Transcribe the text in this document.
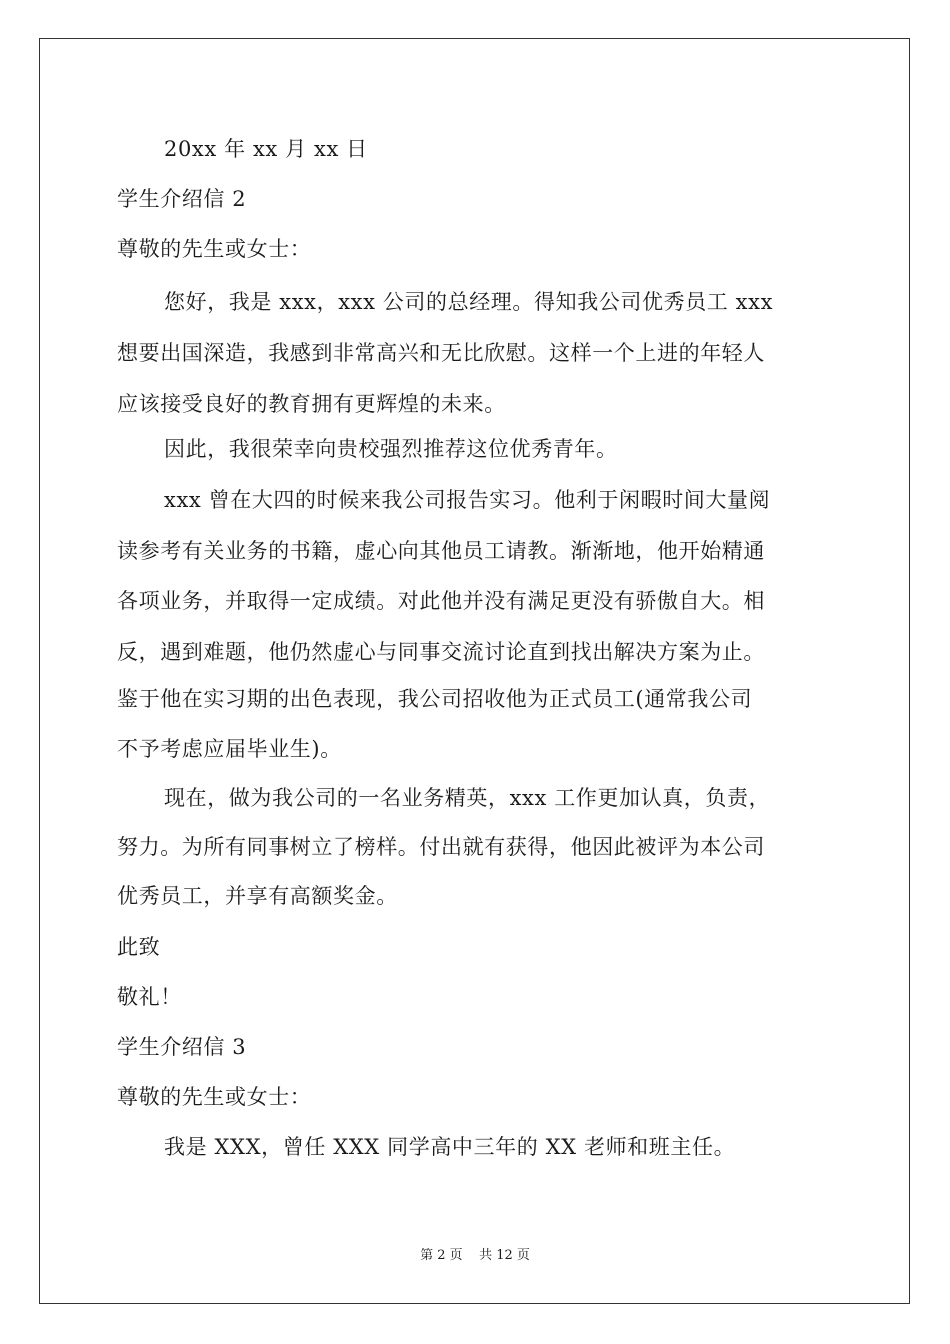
20xx 年 xx 月 xx 日
学生介绍信 2
尊敬的先生或女士：
您好，我是 xxx，xxx 公司的总经理。得知我公司优秀员工 xxx
想要出国深造，我感到非常高兴和无比欣慰。这样一个上进的年轻人
应该接受良好的教育拥有更辉煌的未来。
因此，我很荣幸向贵校强烈推荐这位优秀青年。
xxx 曾在大四的时候来我公司报告实习。他利于闲暇时间大量阅
读参考有关业务的书籍，虚心向其他员工请教。渐渐地，他开始精通
各项业务，并取得一定成绩。对此他并没有满足更没有骄傲自大。相
反，遇到难题，他仍然虚心与同事交流讨论直到找出解决方案为止。
鉴于他在实习期的出色表现，我公司招收他为正式员工(通常我公司
不予考虑应届毕业生)。
现在，做为我公司的一名业务精英，xxx 工作更加认真，负责，
努力。为所有同事树立了榜样。付出就有获得，他因此被评为本公司
优秀员工，并享有高额奖金。
此致
敬礼！
学生介绍信 3
尊敬的先生或女士：
我是 XXX，曾任 XXX 同学高中三年的 XX 老师和班主任。
第 2 页    共 12 页
